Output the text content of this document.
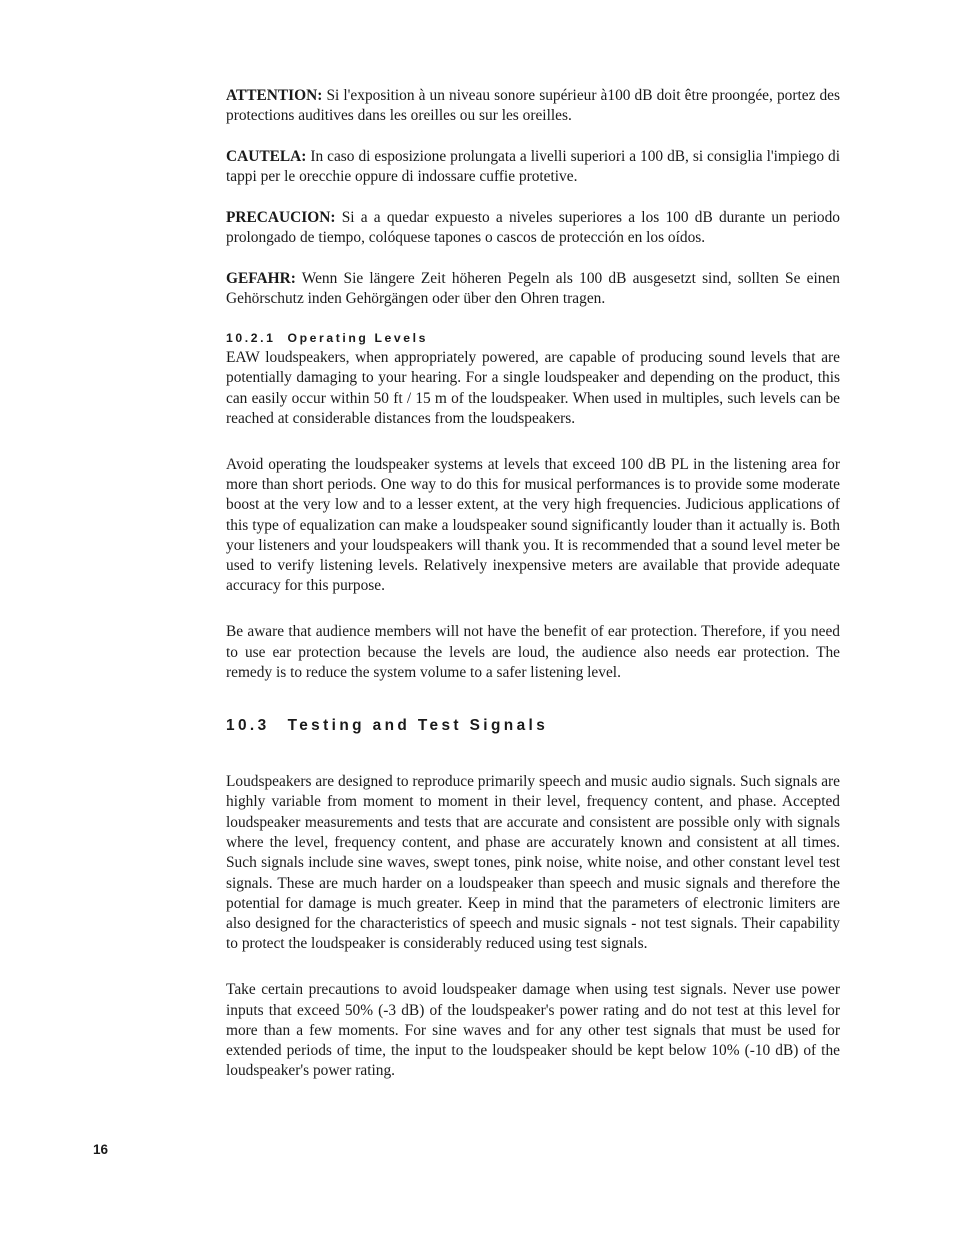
ATTENTION: Si l'exposition à un niveau sonore supérieur à100 dB doit être proongée, portez des protections auditives dans les oreilles ou sur les oreilles.

CAUTELA: In caso di esposizione prolungata a livelli superiori a 100 dB, si consiglia l'impiego di tappi per le orecchie oppure di indossare cuffie protetive.

PRECAUCION: Si a a quedar expuesto a niveles superiores a los 100 dB durante un periodo prolongado de tiempo, colóquese tapones o cascos de protección en los oídos.

GEFAHR: Wenn Sie längere Zeit höheren Pegeln als 100 dB ausgesetzt sind, sollten Se einen Gehörschutz inden Gehörgängen oder über den Ohren tragen.

10.2.1 Operating Levels

EAW loudspeakers, when appropriately powered, are capable of producing sound levels that are potentially damaging to your hearing. For a single loudspeaker and depending on the product, this can easily occur within 50 ft / 15 m of the loudspeaker. When used in multiples, such levels can be reached at considerable distances from the loudspeakers.

Avoid operating the loudspeaker systems at levels that exceed 100 dB PL in the listening area for more than short periods. One way to do this for musical performances is to provide some moderate boost at the very low and to a lesser extent, at the very high frequencies. Judicious applications of this type of equalization can make a loudspeaker sound significantly louder than it actually is. Both your listeners and your loudspeakers will thank you. It is recommended that a sound level meter be used to verify listening levels. Relatively inexpensive meters are available that provide adequate accuracy for this purpose.

Be aware that audience members will not have the benefit of ear protection. Therefore, if you need to use ear protection because the levels are loud, the audience also needs ear protection. The remedy is to reduce the system volume to a safer listening level.

10.3 Testing and Test Signals

Loudspeakers are designed to reproduce primarily speech and music audio signals. Such signals are highly variable from moment to moment in their level, frequency content, and phase. Accepted loudspeaker measurements and tests that are accurate and consistent are possible only with signals where the level, frequency content, and phase are accurately known and consistent at all times. Such signals include sine waves, swept tones, pink noise, white noise, and other constant level test signals. These are much harder on a loudspeaker than speech and music signals and therefore the potential for damage is much greater. Keep in mind that the parameters of electronic limiters are also designed for the characteristics of speech and music signals - not test signals. Their capability to protect the loudspeaker is considerably reduced using test signals.

Take certain precautions to avoid loudspeaker damage when using test signals. Never use power inputs that exceed 50% (-3 dB) of the loudspeaker's power rating and do not test at this level for more than a few moments. For sine waves and for any other test signals that must be used for extended periods of time, the input to the loudspeaker should be kept below 10% (-10 dB) of the loudspeaker's power rating.

16
